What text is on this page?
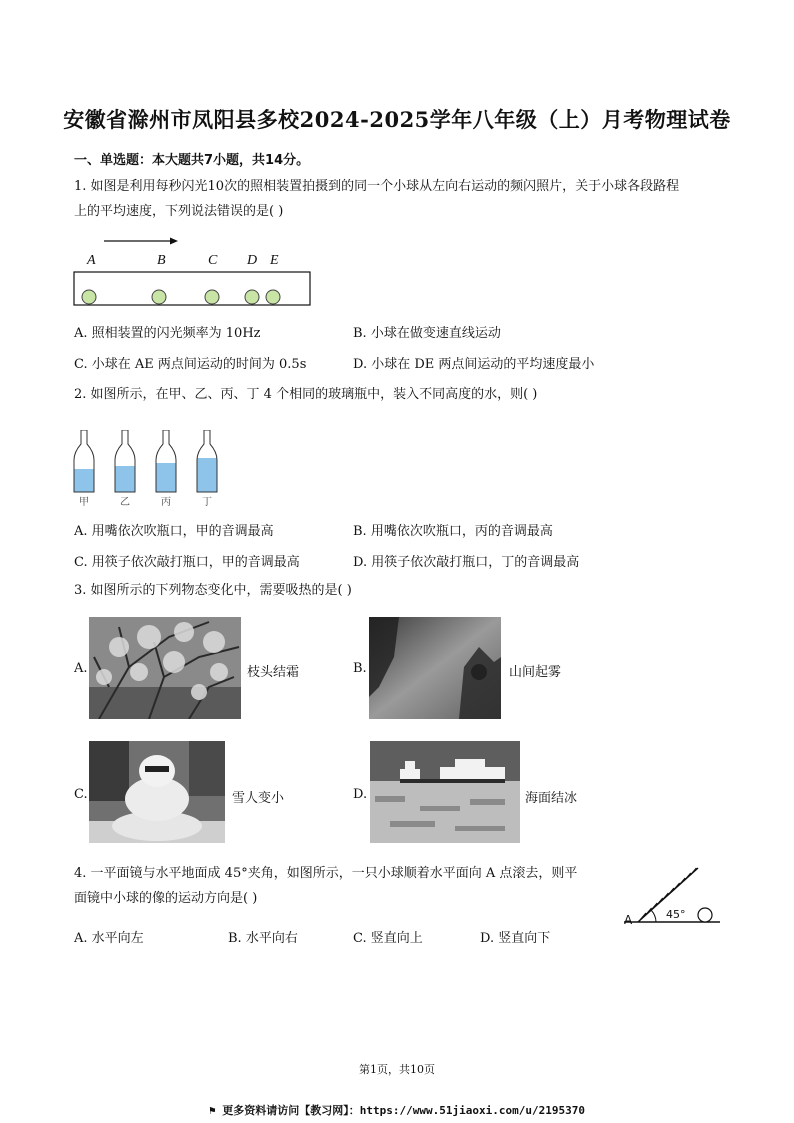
安徽省滁州市凤阳县多校2024-2025学年八年级（上）月考物理试卷
一、单选题：本大题共7小题，共14分。
1. 如图是利用每秒闪光10次的照相装置拍摄到的同一个小球从左向右运动的频闪照片，关于小球各段路程
上的平均速度，下列说法错误的是( )
A	B	C D E
A. 照相装置的闪光频率为 10Hz	B. 小球在做变速直线运动
C. 小球在 AE 两点间运动的时间为 0.5s	D. 小球在 DE 两点间运动的平均速度最小
2. 如图所示，在甲、乙、丙、丁 4 个相同的玻璃瓶中，装入不同高度的水，则( )
甲	乙	丙	丁
A. 用嘴依次吹瓶口，甲的音调最高	B. 用嘴依次吹瓶口，丙的音调最高
C. 用筷子依次敲打瓶口，甲的音调最高	D. 用筷子依次敲打瓶口，丁的音调最高
3. 如图所示的下列物态变化中，需要吸热的是( )
A.	枝头结霜	B.	山间起雾
C.	雪人变小	D.	海面结冰
4. 一平面镜与水平地面成 45°夹角，如图所示，一只小球顺着水平面向 A 点滚去，则平
面镜中小球的像的运动方向是( )
45°
A
A. 水平向左	B. 水平向右	C. 竖直向上	D. 竖直向下
第1页，共10页
⚑ 更多资料请访问【教习网】：https://www.51jiaoxi.com/u/2195370
